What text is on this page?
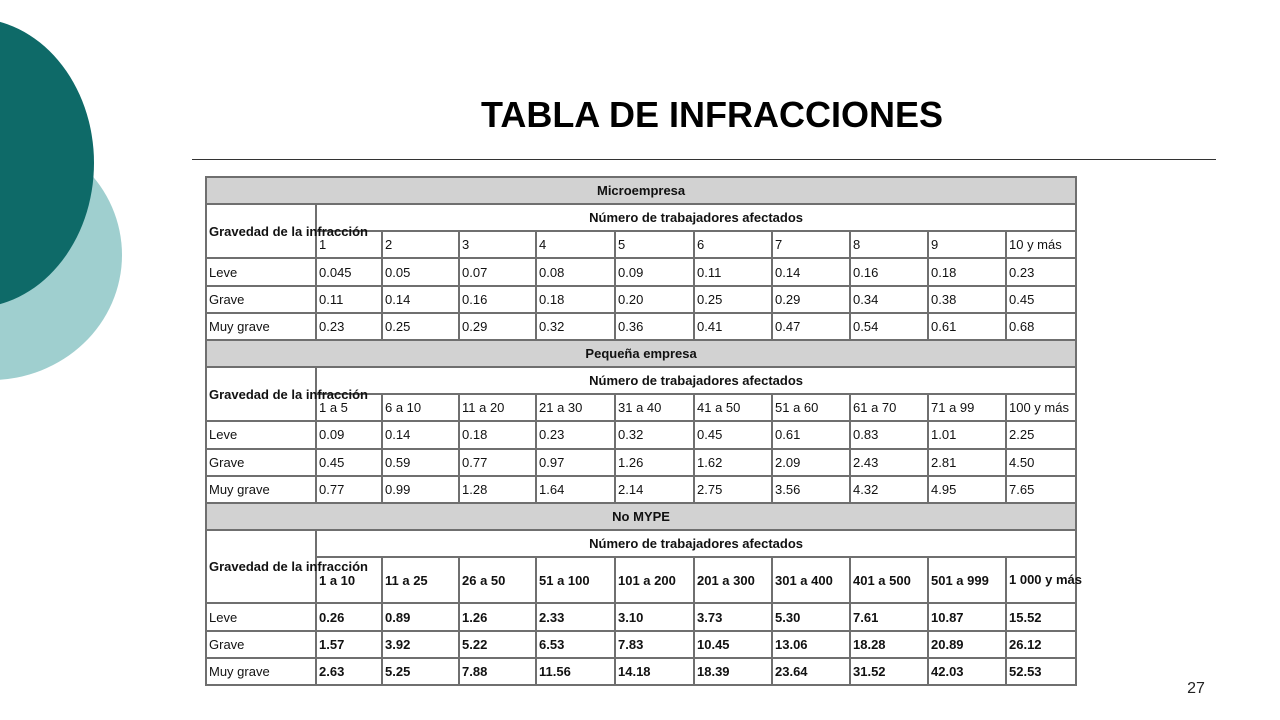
TABLA DE INFRACCIONES
Microempresa										
Gravedad de la infracción	Número de trabajadores afectados									
	1	2	3	4	5	6	7	8	9	10 y más
Leve	0.045	0.05	0.07	0.08	0.09	0.11	0.14	0.16	0.18	0.23
Grave	0.11	0.14	0.16	0.18	0.20	0.25	0.29	0.34	0.38	0.45
Muy grave	0.23	0.25	0.29	0.32	0.36	0.41	0.47	0.54	0.61	0.68
Pequeña empresa										
Gravedad de la infracción	Número de trabajadores afectados									
	1 a 5	6 a 10	11 a 20	21 a 30	31 a 40	41 a 50	51 a 60	61 a 70	71 a 99	100 y más
Leve	0.09	0.14	0.18	0.23	0.32	0.45	0.61	0.83	1.01	2.25
Grave	0.45	0.59	0.77	0.97	1.26	1.62	2.09	2.43	2.81	4.50
Muy grave	0.77	0.99	1.28	1.64	2.14	2.75	3.56	4.32	4.95	7.65
No MYPE										
Gravedad de la infracción	Número de trabajadores afectados									
	1 a 10	11 a 25	26 a 50	51 a 100	101 a 200	201 a 300	301 a 400	401 a 500	501 a 999	1 000 y más
Leve	0.26	0.89	1.26	2.33	3.10	3.73	5.30	7.61	10.87	15.52
Grave	1.57	3.92	5.22	6.53	7.83	10.45	13.06	18.28	20.89	26.12
Muy grave	2.63	5.25	7.88	11.56	14.18	18.39	23.64	31.52	42.03	52.53
27
